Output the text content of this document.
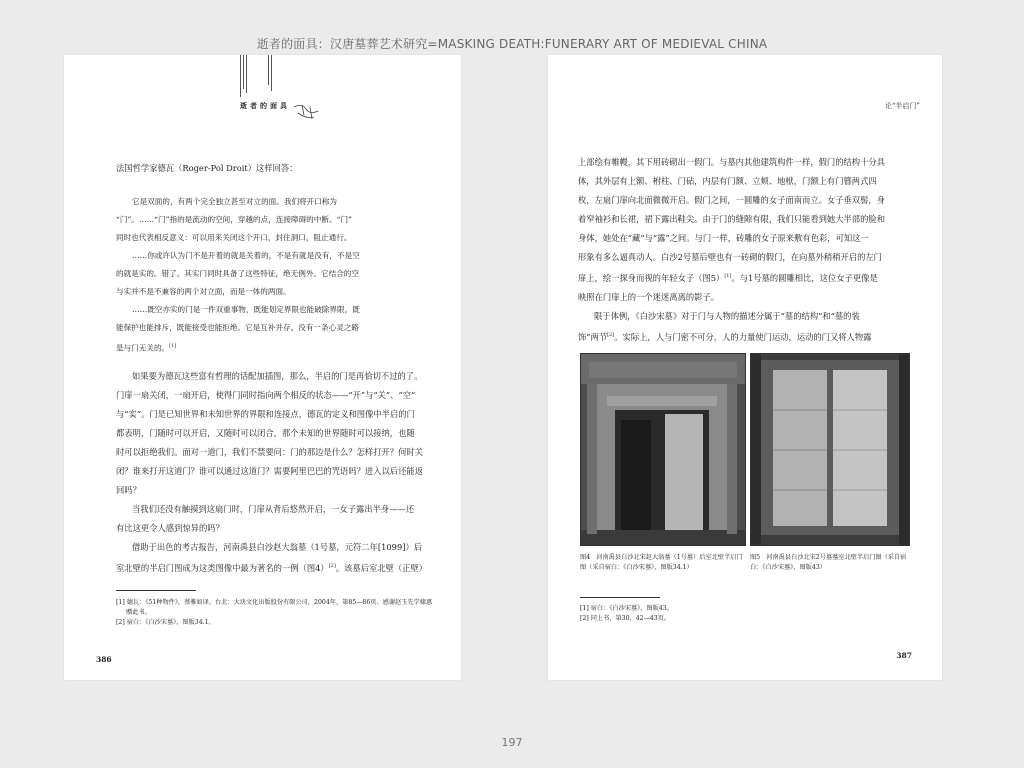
逝者的面具：汉唐墓葬艺术研究=MASKING DEATH:FUNERARY ART OF MEDIEVAL CHINA
逝者的面具
法国哲学家德瓦（Roger-Pol Droit）这样回答：

它是双面的，有两个完全独立甚至对立的面。我们将开口称为

“门”。……“门”指的是流动的空间，穿越的点，连接障碍的中断。“门”

同时也代表相反意义：可以用来关闭这个开口，封住洞口，阻止通行。

……你或许认为门不是开着的就是关着的，不是有就是没有，不是空

的就是实的。错了。其实门同时具备了这些特征，绝无例外。它结合的空

与实并不是不兼容的两个对立面，而是一体的两面。

……既空亦实的门是一件双重事物，既能划定界限也能破除界限，既

能保护也能排斥，既能接受也能拒绝。它是互补并存。没有一条心灵之路

是与门无关的。[1]

如果要为德瓦这些富有哲理的话配加插图，那么，半启的门是再恰切不过的了。

门扉一扇关闭，一扇开启，使得门同时指向两个相反的状态——“开”与“关”、“空”

与“实”。门是已知世界和未知世界的界限和连接点，德瓦的定义和图像中半启的门

都表明，门随时可以开启，又随时可以闭合，那个未知的世界随时可以接纳，也随

时可以拒绝我们。面对一道门，我们不禁要问：门的那边是什么？怎样打开？何时关

闭？谁来打开这道门？谁可以通过这道门？需要阿里巴巴的咒语吗？进入以后还能返

回吗？

当我们还没有触摸到这扇门时，门扉从背后悠然开启，一女子露出半身——还

有比这更令人感到惊异的吗？

借助于出色的考古报告，河南禹县白沙赵大翁墓（1号墓，元符二年[1099]）后

室北壁的半启门图成为这类图像中最为著名的一例（图4）[2]。该墓后室北壁（正壁）

[1] 德瓦：《51种物件》，蔡雅如译，台北：大块文化出版股份有限公司，2004年，第85—86页。感谢赵玉先学棣惠

赠此书。

[2] 宿白：《白沙宋墓》，图版34.1。

386
论“半启门”

上部绘有帷幔，其下用砖砌出一假门。与墓内其他建筑构件一样，假门的结构十分具

体，其外层有上额、柎柱、门砧，内层有门额、立颊、地栿，门额上有门簪两式四

枚，左扇门扉向北面微微开启。假门之间，一圆雕的女子面南而立。女子垂双髻，身

着窄袖衫和长裙，裙下露出鞋尖。由于门的缝隙有限，我们只能看到她大半部的脸和

身体，她处在“藏”与“露”之间。与门一样，砖雕的女子原来敷有色彩，可知这一

形象有多么逼真动人。白沙2号墓后壁也有一砖砌的假门，在向墓外稍稍开启的左门

扉上，绘一探身而视的年轻女子（图5）[1]。与1号墓的圆雕相比，这位女子更像是

映照在门扉上的一个迷迷离离的影子。

限于体例，《白沙宋墓》对于门与人物的描述分属于“墓的结构”和“墓的装

饰”两节[2]。实际上，人与门密不可分，人的力量使门运动，运动的门又将人物露

图4　河南禹县白沙北宋赵大翁墓（1号墓）后室北壁半启门图（采自宿白：《白沙宋墓》，图版34.1）
图5　河南禹县白沙北宋2号墓墓室北壁半启门图（采自宿白：《白沙宋墓》，图版43）

[1] 宿白：《白沙宋墓》，图版43。

[2] 同上书，第30、42—43页。

387
197
